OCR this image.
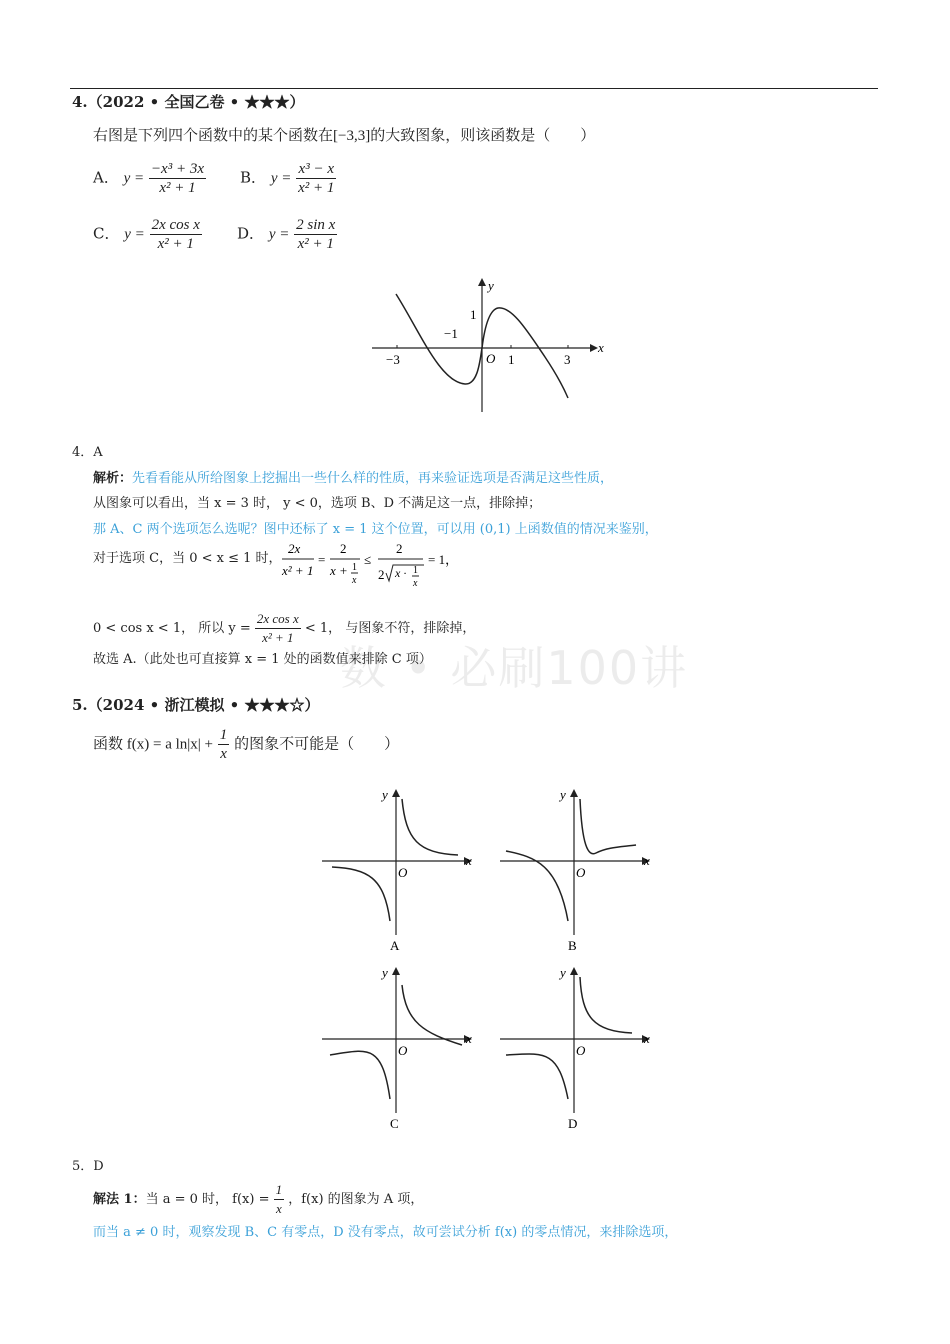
数 • 必刷100讲
4.（2022 • 全国乙卷 • ★★★）
右图是下列四个函数中的某个函数在[−3,3]的大致图象，则该函数是（　　）
A． $y = \frac{\text{−x³ + 3x}}{\text{x² + 1}}$ B． $y = \frac{\text{x³ − x}}{\text{x² + 1}}$
C． $y = \frac{\text{2x cos x}}{\text{x² + 1}}$ D． $y = \frac{\text{2 sin x}}{\text{x² + 1}}$
x
y
O
−3	1	3
1
−1
4．A
解析：先看看能从所给图象上挖掘出一些什么样的性质，再来验证选项是否满足这些性质，
从图象可以看出，当 x = 3 时， y < 0，选项 B、D 不满足这一点，排除掉；
那 A、C 两个选项怎么选呢？图中还标了 x = 1 这个位置，可以用 (0,1) 上函数值的情况来鉴别，
对于选项 C，当 0 < x ≤ 1 时，
2x
x² + 1
=
2
x + 1
x
≤
2
2 x · 1
x
= 1，
0 < cos x < 1， 所以 $y = \frac{\text{2x cos x}}{\text{x² + 1}} < 1$， 与图象不符，排除掉，
故选 A.（此处也可直接算 x = 1 处的函数值来排除 C 项）
5.（2024 • 浙江模拟 • ★★★☆）
函数 f(x) = a $\ln|x| + \frac{1}{x}$ 的图象不可能是（　　）
x
y
O
A
x
y
O
B
x
y
O
C
x
y
O
D
5．D
解法 1：当 a = 0 时， $f(x) = \frac{1}{x}$ ，f(x) 的图象为 A 项，
而当 a ≠ 0 时，观察发现 B、C 有零点，D 没有零点，故可尝试分析 f(x) 的零点情况，来排除选项，
